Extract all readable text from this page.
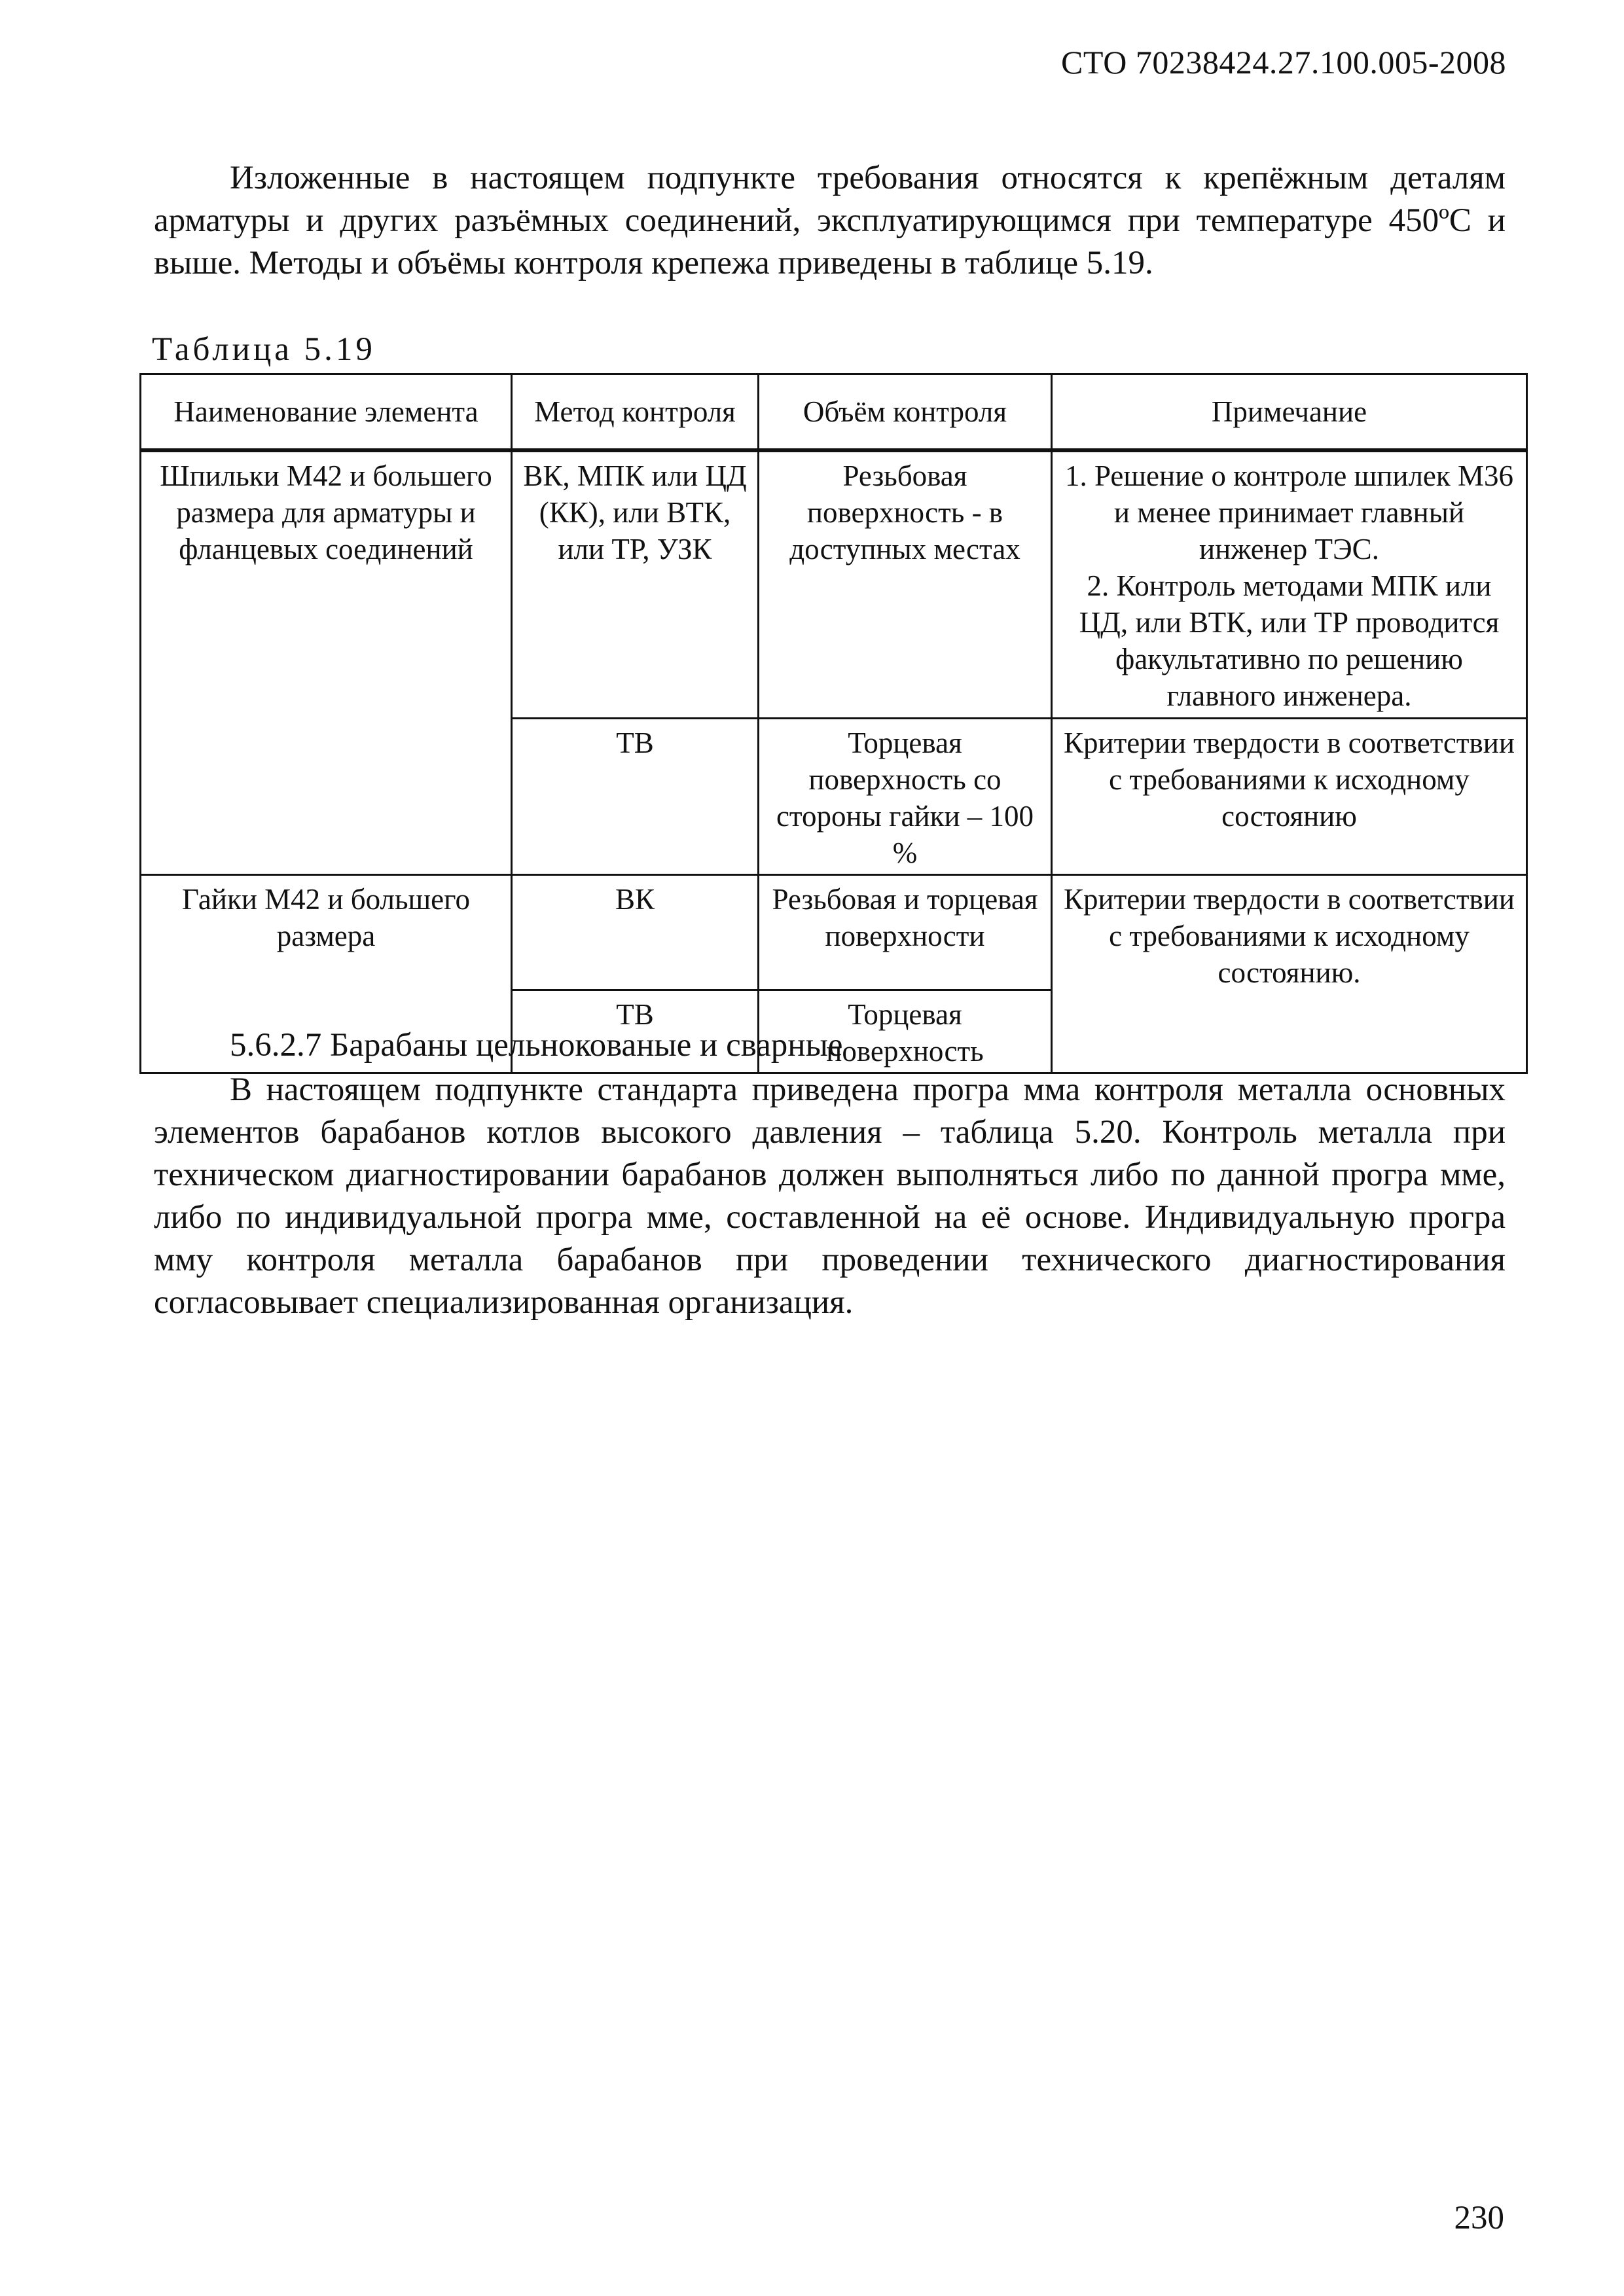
СТО 70238424.27.100.005-2008

Изложенные в настоящем подпункте требования относятся к крепёжным деталям арматуры и других разъёмных соединений, эксплуатирующимся при температуре 450ºС и выше. Методы и объёмы контроля крепежа приведены в таблице 5.19.

Таблица 5.19
Наименование элемента	Метод контроля	Объём контроля	Примечание
Шпильки М42 и большего размера для арматуры и фланцевых соединений	ВК, МПК или ЦД (КК), или ВТК, или ТР, УЗК	Резьбовая поверхность - в доступных местах	1. Решение о контроле шпилек М36 и менее принимает главный инженер ТЭС.
2. Контроль методами МПК или ЦД, или ВТК, или ТР проводится факультативно по решению главного инженера.

	ТВ	Торцевая поверхность со стороны гайки – 100 %	Критерии твердости в соответствии с требованиями к исходному состоянию
Гайки М42 и большего размера	ВК	Резьбовая и торцевая поверхности	Критерии твердости в соответствии с требованиями к исходному состоянию.
	ТВ	Торцевая поверхность	
5.6.2.7 Барабаны цельнокованые и сварные

В настоящем подпункте стандарта приведена програ мма контроля металла основных элементов барабанов котлов высокого давления – таблица 5.20. Контроль металла при техническом диагностировании барабанов должен выполняться либо по данной програ мме, либо по индивидуальной програ мме, составленной на её основе. Индивидуальную програ мму контроля металла барабанов при проведении технического диагностирования согласовывает специализированная организация.

230
